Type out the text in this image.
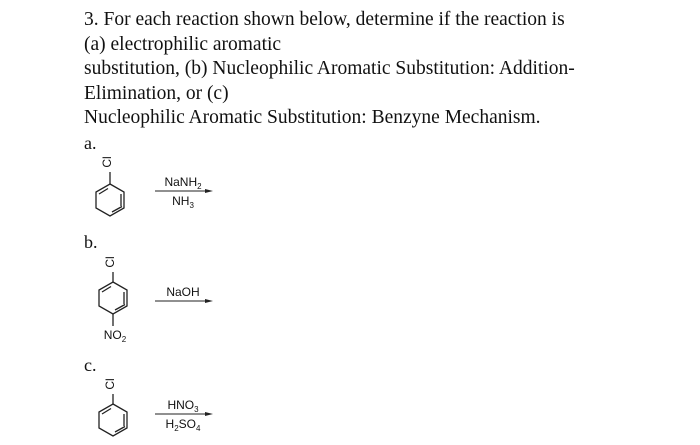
3. For each reaction shown below, determine if the reaction is
(a) electrophilic aromatic
substitution, (b) Nucleophilic Aromatic Substitution: Addition-
Elimination, or (c)
Nucleophilic Aromatic Substitution: Benzyne Mechanism.
a.
Cl
NaNH$_2$
$NH_3$
b.
Cl
$NO_2$
NaOH
c.
Cl
$HNO_3$
$H_2SO_4$
